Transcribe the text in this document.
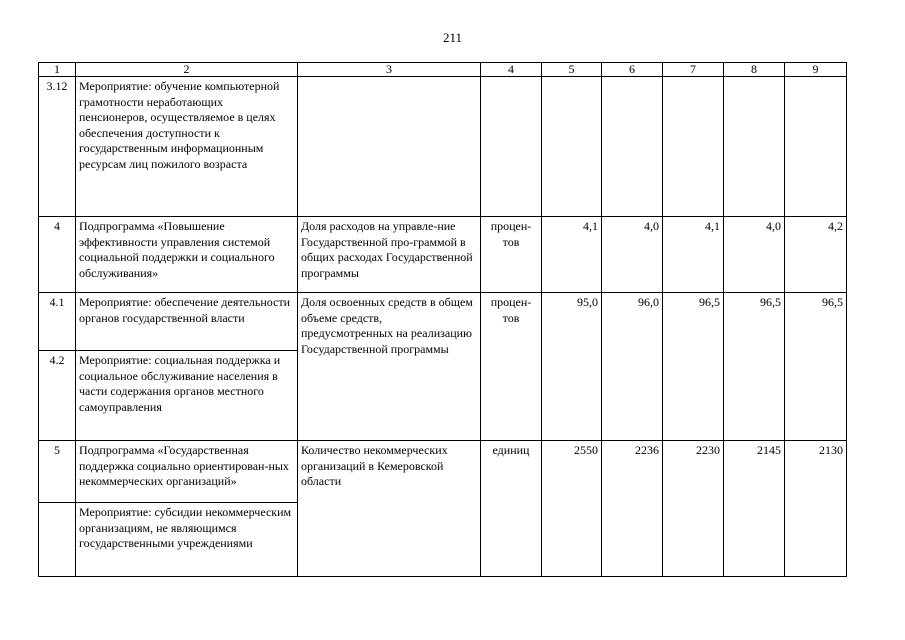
211
1	2	3	4	5	6	7	8	9
3.12	Мероприятие: обучение компьютерной грамотности неработающих пенсионеров, осуществляемое в целях обеспечения доступности к государственным информационным ресурсам лиц пожилого возраста							
4	Подпрограмма «Повышение эффективности управления системой социальной поддержки и социального обслуживания»	Доля расходов на управле-ние Государственной про-граммой в общих расходах Государственной программы	процен-тов	4,1	4,0	4,1	4,0	4,2
4.1	Мероприятие: обеспечение деятельности органов государственной власти	Доля освоенных средств в общем объеме средств, предусмотренных на реализацию Государственной программы	процен-тов	95,0	96,0	96,5	96,5	96,5
4.2	Мероприятие: социальная поддержка и социальное обслуживание населения в части содержания органов местного самоуправления							
5	Подпрограмма «Государственная поддержка социально ориентирован-ных некоммерческих организаций»	Количество некоммерческих организаций в Кемеровской области	единиц	2550	2236	2230	2145	2130
	Мероприятие: субсидии некоммерческим организациям, не являющимся государственными учреждениями							
